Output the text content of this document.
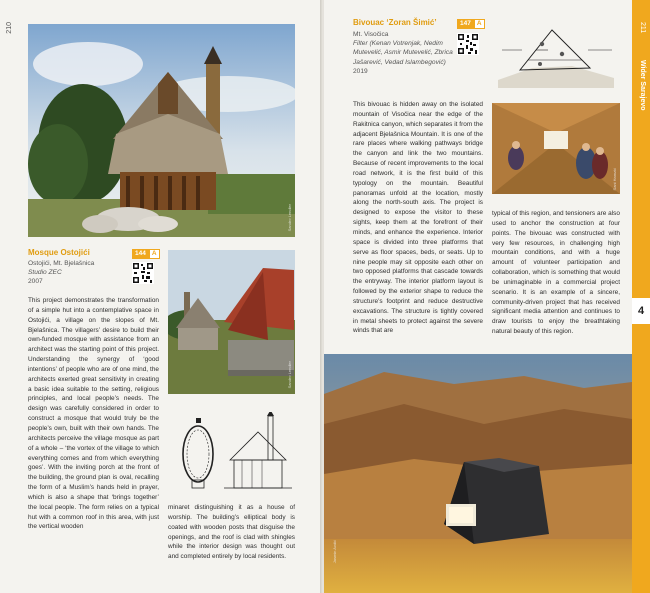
210
Sandro Lendler
Mosque Ostojići
Ostojići, Mt. Bjelašnica
Studio ZEC
2007
144 A
Sandro Lendler
This project demonstrates the transformation of a simple hut into a contemplative space in Ostojići, a village on the slopes of Mt. Bjelašnica. The villagers’ desire to build their own-funded mosque with assistance from an architect was the starting point of this project. Understanding the synergy of ‘good intentions’ of people who are of one mind, the architects exerted great sensitivity in creating a basic idea suitable to the setting, religious principles, and local people’s needs. The design was carefully considered in order to construct a mosque that would truly be the people’s own, built with their own hands. The architects perceive the village mosque as part of a whole – ‘the vortex of the village to which everything comes and from which everything goes’. With the inviting porch at the front of the building, the ground plan is oval, recalling the form of a Muslim’s hands held in prayer, which is also a shape that ‘brings together’ the local people. The form relies on a typical hut with a common roof in this area, with just the vertical wooden
minaret distinguishing it as a house of worship. The building’s elliptical body is coated with wooden posts that disguise the openings, and the roof is clad with shingles while the interior design was thought out and completed entirely by local residents.
211
Wider Sarajevo
4
Bivouac ‘Zoran Šimić’
Mt. Visočica
Filter (Kenan Votrenjak, Nedim Mutevelić, Asmir Mutevelić, Zbrica Jašarević, Vedad Islambegović)
2019
147 A
Sani Hamzić
This bivouac is hidden away on the isolated mountain of Visočica near the edge of the Rakitnica canyon, which separates it from the adjacent Bjelašnica Mountain. It is one of the rare places where walking pathways bridge the canyon and link the two mountains. Because of recent improvements to the local road network, it is the first build of this typology on the mountain. Beautiful panoramas unfold at the location, mostly along the north-south axis. The project is designed to expose the visitor to these sights, keep them at the forefront of their minds, and enhance the experience. Interior space is divided into three platforms that serve as floor spaces, beds, or seats. Up to nine people may sit opposite each other on two opposed platforms that cascade towards the entryway. The interior platform layout is followed by the exterior shape to reduce the structure’s footprint and reduce destructive excavations. The structure is tightly covered in metal sheets to protect against the severe winds that are
typical of this region, and tensioners are also used to anchor the construction at four points. The bivouac was constructed with very few resources, in challenging high mountain conditions, and with a huge amount of volunteer participation and collaboration, which is something that would be unimaginable in a commercial project scenario. It is an example of a sincere, community-driven project that has received significant media attention and continues to draw tourists to enjoy the breathtaking natural beauty of this region.
Jasmin Avdić
